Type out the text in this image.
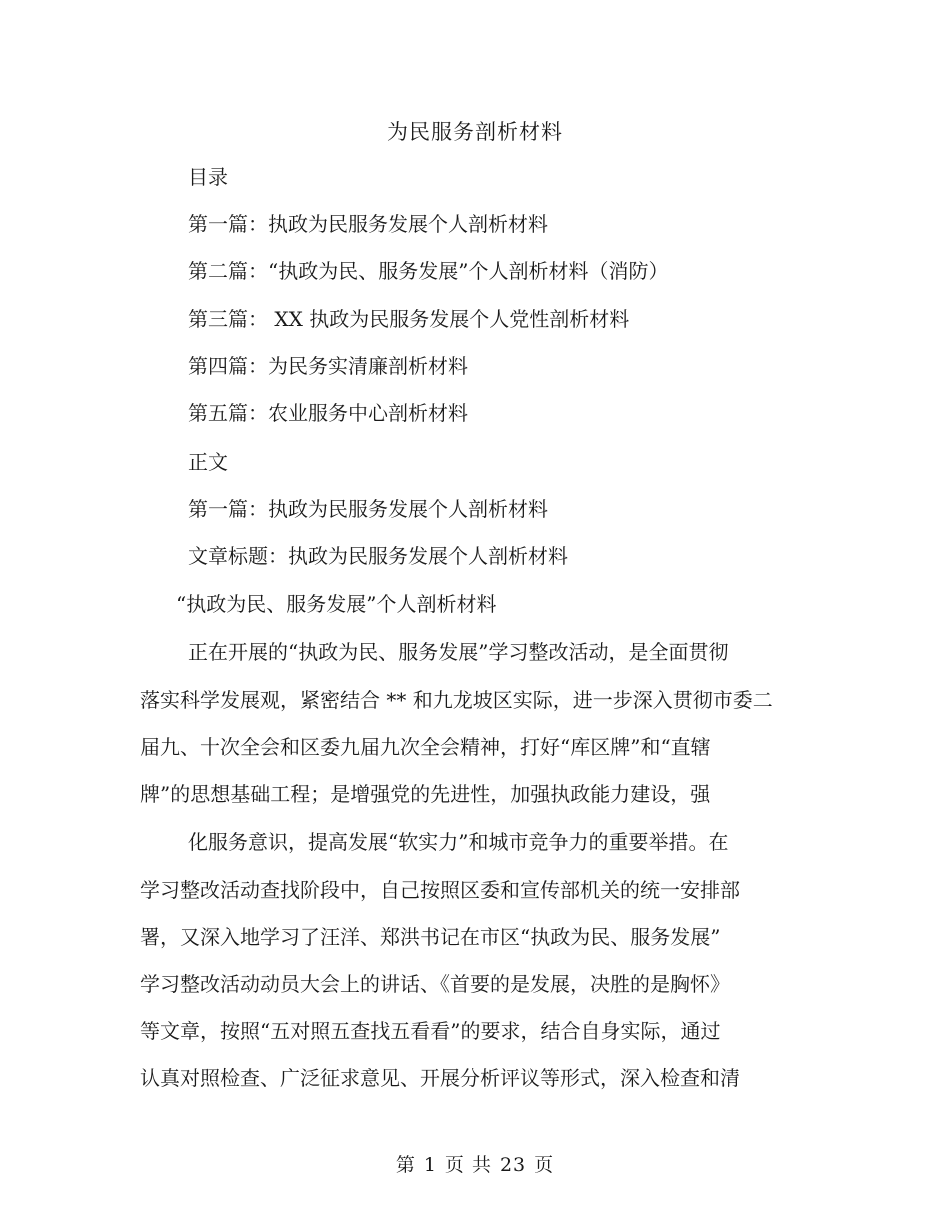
为民服务剖析材料
目录
第一篇：执政为民服务发展个人剖析材料
第二篇：“执政为民、服务发展”个人剖析材料（消防）
第三篇： XX 执政为民服务发展个人党性剖析材料
第四篇：为民务实清廉剖析材料
第五篇：农业服务中心剖析材料
正文
第一篇：执政为民服务发展个人剖析材料
文章标题：执政为民服务发展个人剖析材料
“执政为民、服务发展”个人剖析材料
正在开展的“执政为民、服务发展”学习整改活动，是全面贯彻
落实科学发展观，紧密结合 ** 和九龙坡区实际，进一步深入贯彻市委二
届九、十次全会和区委九届九次全会精神，打好“库区牌”和“直辖
牌”的思想基础工程；是增强党的先进性，加强执政能力建设，强
化服务意识，提高发展“软实力”和城市竞争力的重要举措。在
学习整改活动查找阶段中，自己按照区委和宣传部机关的统一安排部
署，又深入地学习了汪洋、郑洪书记在市区“执政为民、服务发展”
学习整改活动动员大会上的讲话、《首要的是发展，决胜的是胸怀》
等文章，按照“五对照五查找五看看”的要求，结合自身实际，通过
认真对照检查、广泛征求意见、开展分析评议等形式，深入检查和清
第 1 页 共 23 页
